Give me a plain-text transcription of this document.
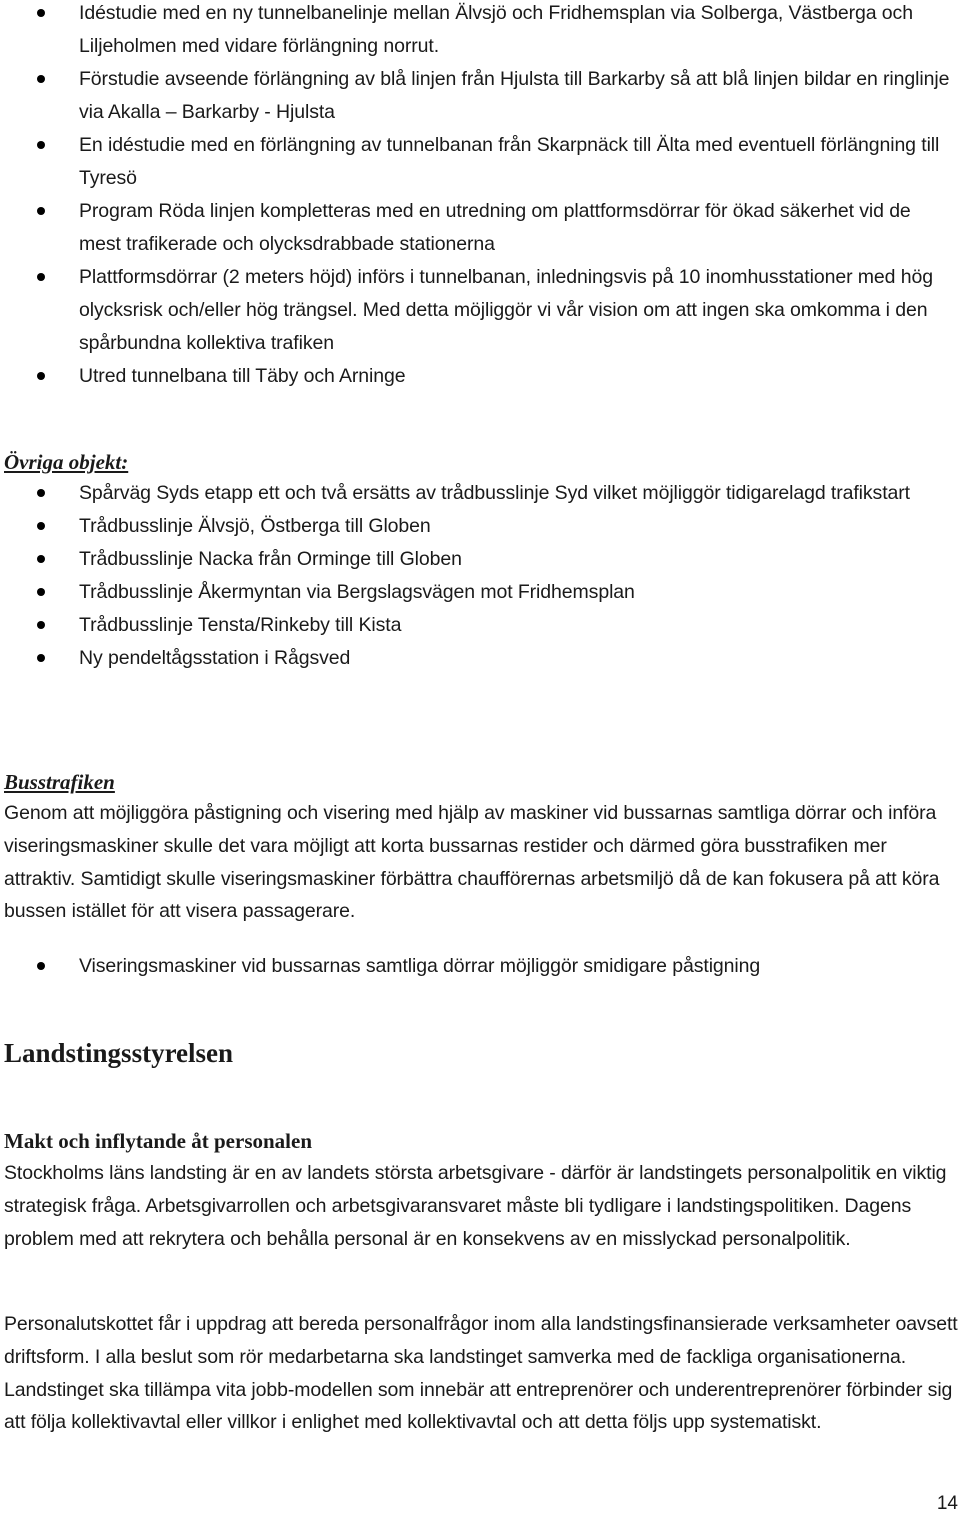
Idéstudie med en ny tunnelbanelinje mellan Älvsjö och Fridhemsplan via Solberga, Västberga och Liljeholmen med vidare förlängning norrut.
Förstudie avseende förlängning av blå linjen från Hjulsta till Barkarby så att blå linjen bildar en ringlinje via Akalla – Barkarby - Hjulsta
En idéstudie med en förlängning av tunnelbanan från Skarpnäck till Älta med eventuell förlängning till Tyresö
Program Röda linjen kompletteras med en utredning om plattformsdörrar för ökad säkerhet vid de mest trafikerade och olycksdrabbade stationerna
Plattformsdörrar (2 meters höjd) införs i tunnelbanan, inledningsvis på 10 inomhusstationer med hög olycksrisk och/eller hög trängsel. Med detta möjliggör vi vår vision om att ingen ska omkomma i den spårbundna kollektiva trafiken
Utred tunnelbana till Täby och Arninge
Övriga objekt:
Spårväg Syds etapp ett och två ersätts av trådbusslinje Syd vilket möjliggör tidigarelagd trafikstart
Trådbusslinje Älvsjö, Östberga till Globen
Trådbusslinje Nacka från Orminge till Globen
Trådbusslinje Åkermyntan via Bergslagsvägen mot Fridhemsplan
Trådbusslinje Tensta/Rinkeby till Kista
Ny pendeltågsstation i Rågsved
Busstrafiken
Genom att möjliggöra påstigning och visering med hjälp av maskiner vid bussarnas samtliga dörrar och införa viseringsmaskiner skulle det vara möjligt att korta bussarnas restider och därmed göra busstrafiken mer attraktiv. Samtidigt skulle viseringsmaskiner förbättra chaufförernas arbetsmiljö då de kan fokusera på att köra bussen istället för att visera passagerare.
Viseringsmaskiner vid bussarnas samtliga dörrar möjliggör smidigare påstigning
Landstingsstyrelsen
Makt och inflytande åt personalen
Stockholms läns landsting är en av landets största arbetsgivare - därför är landstingets personalpolitik en viktig strategisk fråga. Arbetsgivarrollen och arbetsgivaransvaret måste bli tydligare i landstingspolitiken. Dagens problem med att rekrytera och behålla personal är en konsekvens av en misslyckad personalpolitik.
Personalutskottet får i uppdrag att bereda personalfrågor inom alla landstingsfinansierade verksamheter oavsett driftsform. I alla beslut som rör medarbetarna ska landstinget samverka med de fackliga organisationerna. Landstinget ska tillämpa vita jobb-modellen som innebär att entreprenörer och underentreprenörer förbinder sig att följa kollektivavtal eller villkor i enlighet med kollektivavtal och att detta följs upp systematiskt.
14
